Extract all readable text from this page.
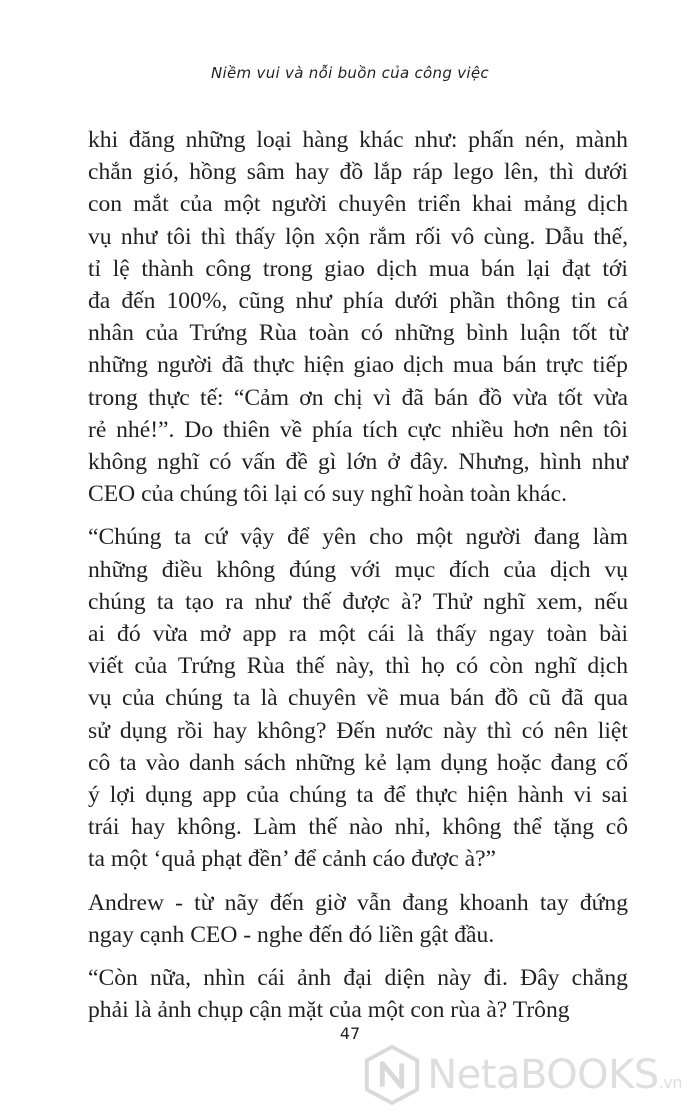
Niềm vui và nỗi buồn của công việc

khi đăng những loại hàng khác như: phấn nén, mành
chắn gió, hồng sâm hay đồ lắp ráp lego lên, thì dưới
con mắt của một người chuyên triển khai mảng dịch
vụ như tôi thì thấy lộn xộn rắm rối vô cùng. Dẫu thế,
tỉ lệ thành công trong giao dịch mua bán lại đạt tới
đa đến 100%, cũng như phía dưới phần thông tin cá
nhân của Trứng Rùa toàn có những bình luận tốt từ
những người đã thực hiện giao dịch mua bán trực tiếp
trong thực tế: “Cảm ơn chị vì đã bán đồ vừa tốt vừa
rẻ nhé!”. Do thiên về phía tích cực nhiều hơn nên tôi
không nghĩ có vấn đề gì lớn ở đây. Nhưng, hình như
CEO của chúng tôi lại có suy nghĩ hoàn toàn khác.

“Chúng ta cứ vậy để yên cho một người đang làm
những điều không đúng với mục đích của dịch vụ
chúng ta tạo ra như thế được à? Thử nghĩ xem, nếu
ai đó vừa mở app ra một cái là thấy ngay toàn bài
viết của Trứng Rùa thế này, thì họ có còn nghĩ dịch
vụ của chúng ta là chuyên về mua bán đồ cũ đã qua
sử dụng rồi hay không? Đến nước này thì có nên liệt
cô ta vào danh sách những kẻ lạm dụng hoặc đang cố
ý lợi dụng app của chúng ta để thực hiện hành vi sai
trái hay không. Làm thế nào nhỉ, không thể tặng cô
ta một ‘quả phạt đền’ để cảnh cáo được à?”

Andrew - từ nãy đến giờ vẫn đang khoanh tay đứng
ngay cạnh CEO - nghe đến đó liền gật đầu.

“Còn nữa, nhìn cái ảnh đại diện này đi. Đây chẳng
phải là ảnh chụp cận mặt của một con rùa à? Trông

47
NetaBOOKS.vn
